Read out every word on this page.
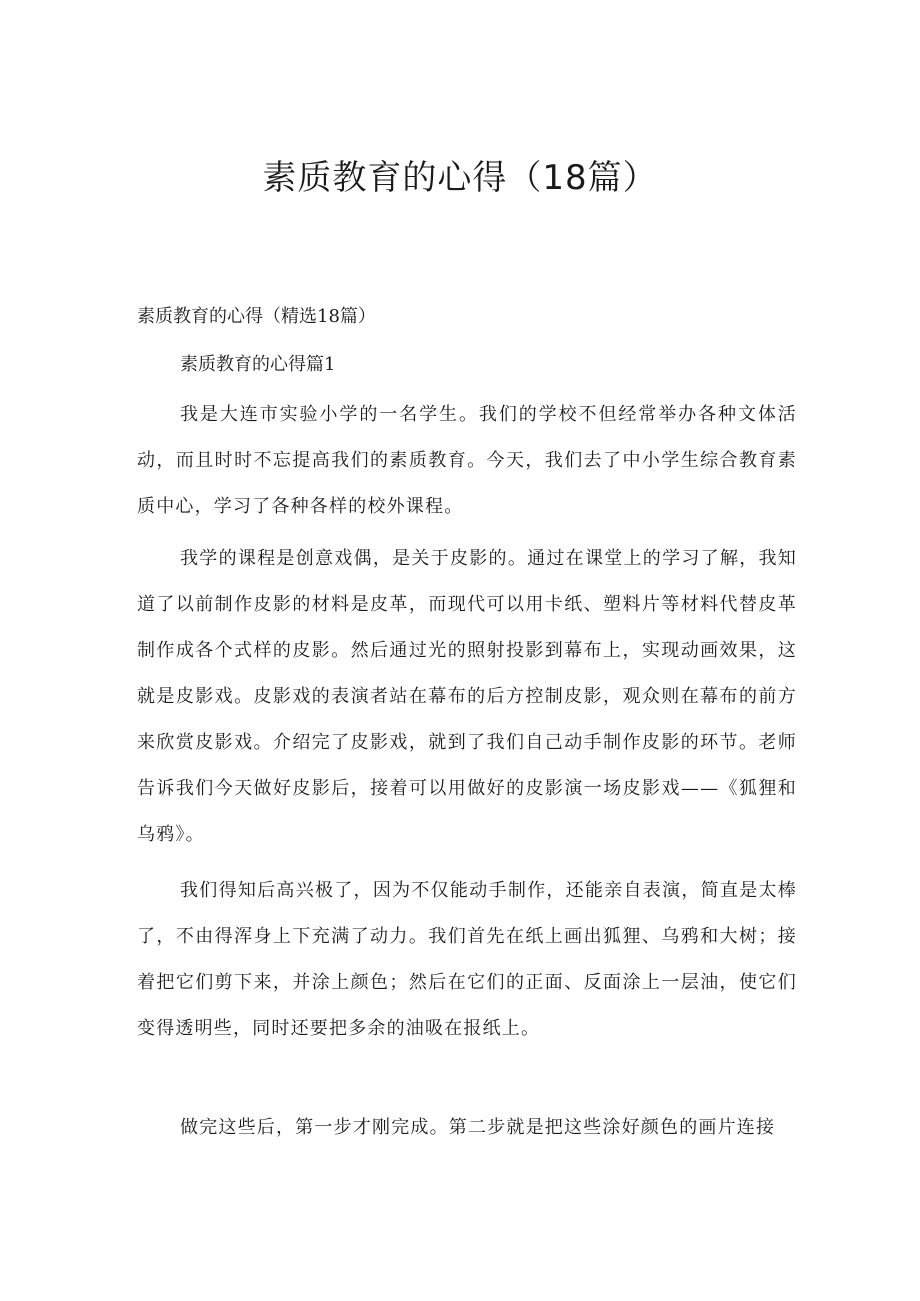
素质教育的心得（18篇）

素质教育的心得（精选18篇）

素质教育的心得篇1

我是大连市实验小学的一名学生。我们的学校不但经常举办各种文体活动，而且时时不忘提高我们的素质教育。今天，我们去了中小学生综合教育素质中心，学习了各种各样的校外课程。

我学的课程是创意戏偶，是关于皮影的。通过在课堂上的学习了解，我知道了以前制作皮影的材料是皮革，而现代可以用卡纸、塑料片等材料代替皮革制作成各个式样的皮影。然后通过光的照射投影到幕布上，实现动画效果，这就是皮影戏。皮影戏的表演者站在幕布的后方控制皮影，观众则在幕布的前方来欣赏皮影戏。介绍完了皮影戏，就到了我们自己动手制作皮影的环节。老师告诉我们今天做好皮影后，接着可以用做好的皮影演一场皮影戏——《狐狸和乌鸦》。

我们得知后高兴极了，因为不仅能动手制作，还能亲自表演，简直是太棒了，不由得浑身上下充满了动力。我们首先在纸上画出狐狸、乌鸦和大树；接着把它们剪下来，并涂上颜色；然后在它们的正面、反面涂上一层油，使它们变得透明些，同时还要把多余的油吸在报纸上。

做完这些后，第一步才刚完成。第二步就是把这些涂好颜色的画片连接
